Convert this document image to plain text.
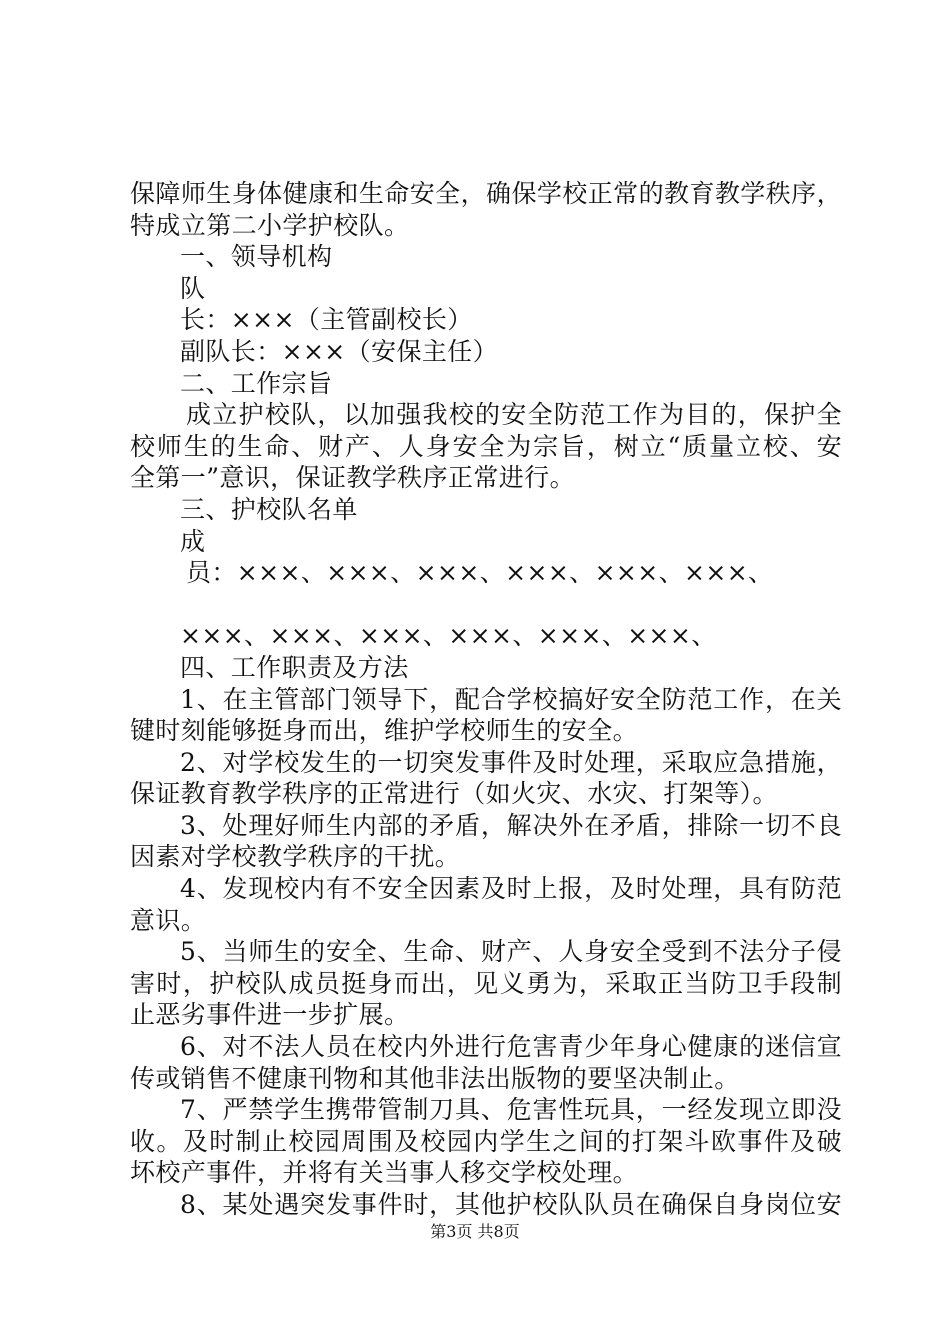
保障师生身体健康和生命安全，确保学校正常的教育教学秩序，
特成立第二小学护校队。
一、领导机构
队
长：×××（主管副校长）
副队长：×××（安保主任）
二、工作宗旨
成立护校队，以加强我校的安全防范工作为目的，保护全
校师生的生命、财产、人身安全为宗旨，树立“质量立校、安
全第一”意识，保证教学秩序正常进行。
三、护校队名单
成
员：×××、×××、×××、×××、×××、×××、
×××、×××、×××、×××、×××、×××、
四、工作职责及方法
1、在主管部门领导下，配合学校搞好安全防范工作，在关
键时刻能够挺身而出，维护学校师生的安全。
2、对学校发生的一切突发事件及时处理，采取应急措施，
保证教育教学秩序的正常进行（如火灾、水灾、打架等）。
3、处理好师生内部的矛盾，解决外在矛盾，排除一切不良
因素对学校教学秩序的干扰。
4、发现校内有不安全因素及时上报，及时处理，具有防范
意识。
5、当师生的安全、生命、财产、人身安全受到不法分子侵
害时，护校队成员挺身而出，见义勇为，采取正当防卫手段制
止恶劣事件进一步扩展。
6、对不法人员在校内外进行危害青少年身心健康的迷信宣
传或销售不健康刊物和其他非法出版物的要坚决制止。
7、严禁学生携带管制刀具、危害性玩具，一经发现立即没
收。及时制止校园周围及校园内学生之间的打架斗欧事件及破
坏校产事件，并将有关当事人移交学校处理。
8、某处遇突发事件时，其他护校队队员在确保自身岗位安
第3页 共8页
